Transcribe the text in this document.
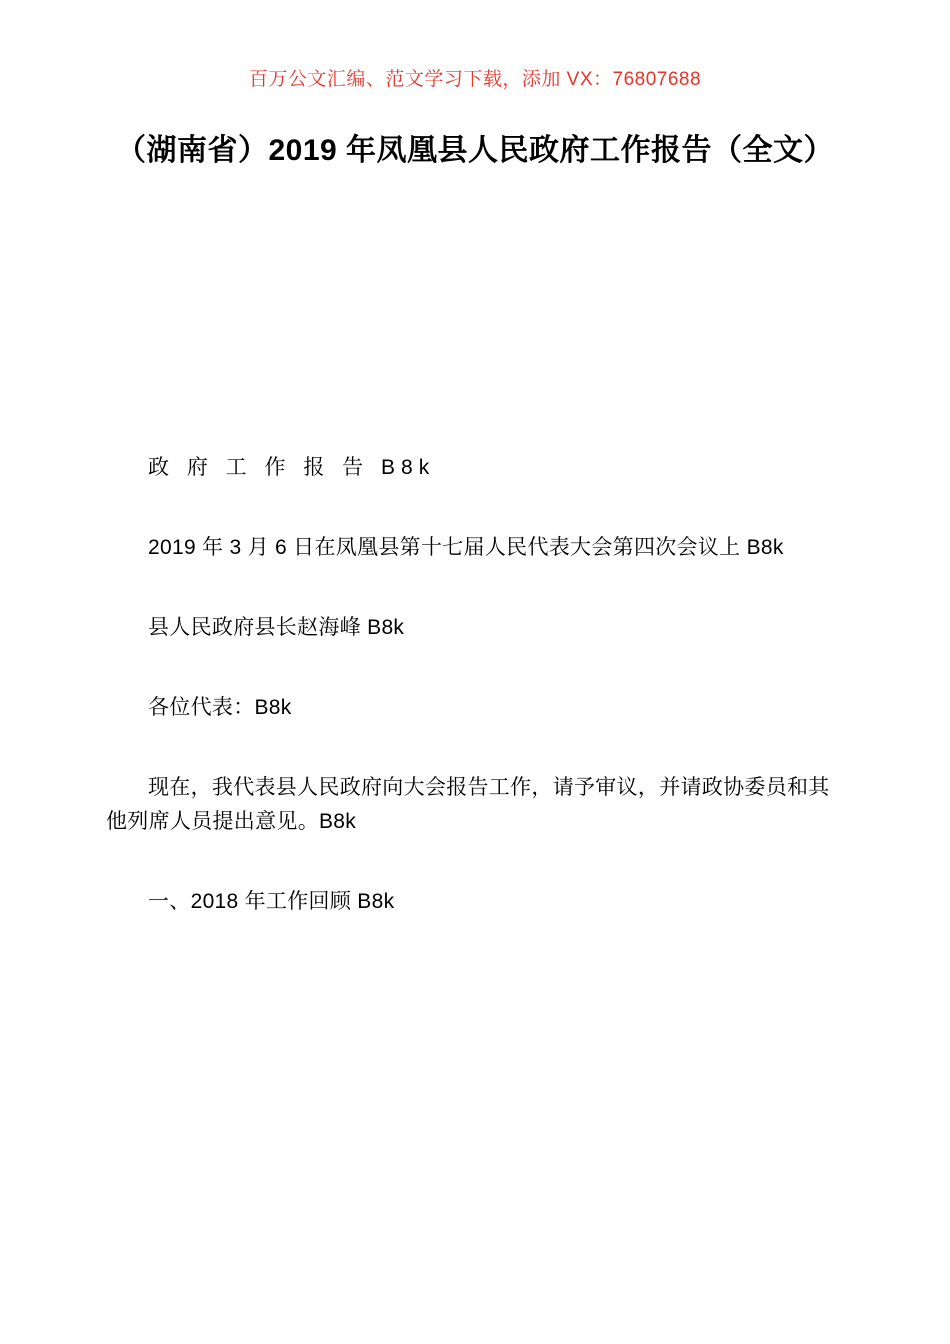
百万公文汇编、范文学习下载，添加 VX：76807688
（湖南省）2019 年凤凰县人民政府工作报告（全文）

政 府 工 作 报 告 B8k

2019 年 3 月 6 日在凤凰县第十七届人民代表大会第四次会议上 B8k

县人民政府县长赵海峰 B8k

各位代表：B8k

现在，我代表县人民政府向大会报告工作，请予审议，并请政协委员和其他列席人员提出意见。B8k

一、2018 年工作回顾 B8k
